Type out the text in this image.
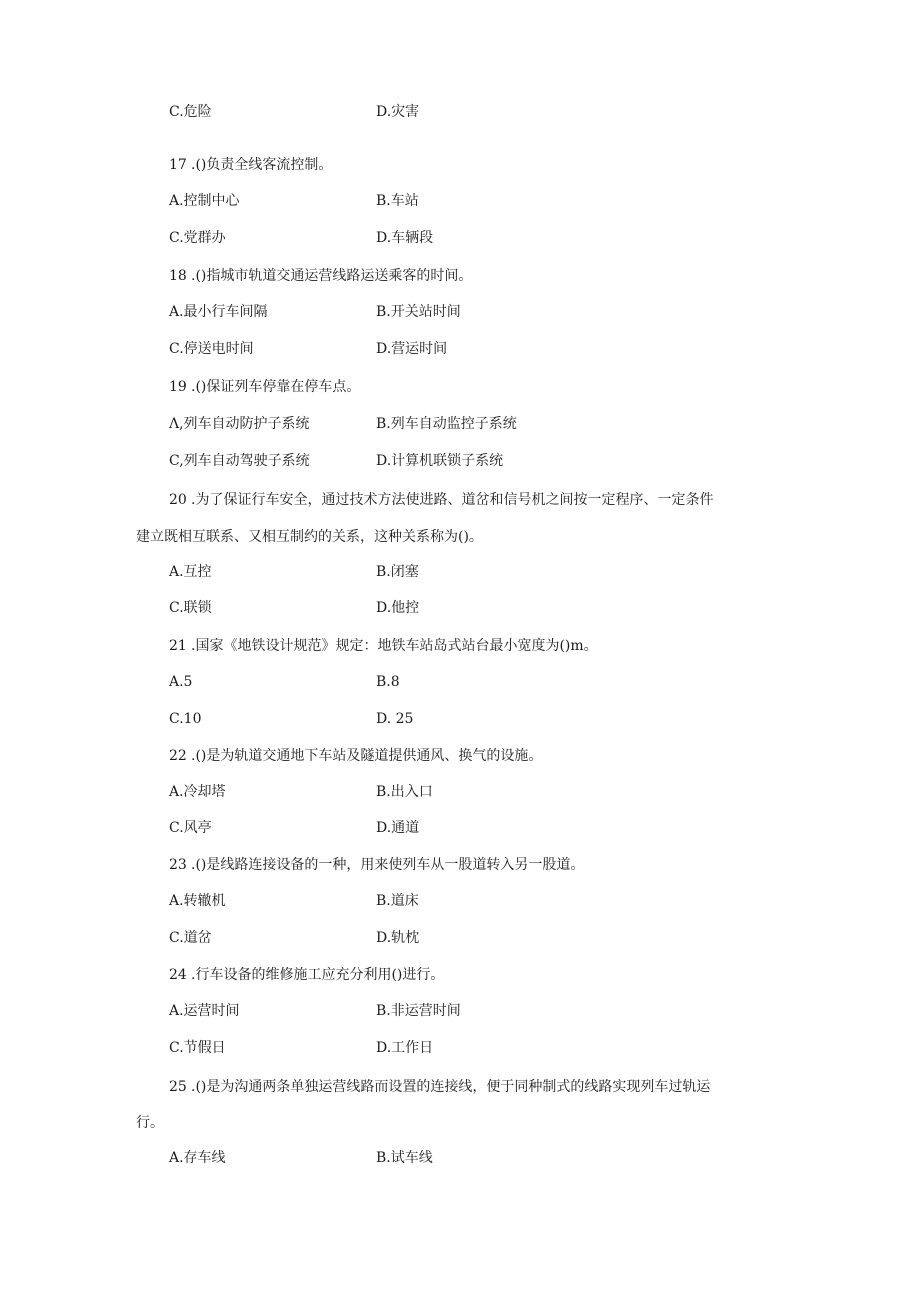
C.危险	D.灾害
17 .()负责全线客流控制。
A.控制中心	B.车站
C.党群办	D.车辆段
18 .()指城市轨道交通运营线路运送乘客的时间。
A.最小行车间隔	B.开关站时间
C.停送电时间	D.营运时间
19 .()保证列车停靠在停车点。
Λ,列车自动防护子系统	B.列车自动监控子系统
C,列车自动驾驶子系统	D.计算机联锁子系统
20 .为了保证行车安全，通过技术方法使进路、道岔和信号机之间按一定程序、一定条件
建立既相互联系、又相互制约的关系，这种关系称为()。
A.互控	B.闭塞
C.联锁	D.他控
21 .国家《地铁设计规范》规定：地铁车站岛式站台最小宽度为()m。
A.5	B.8
C.10	D. 25
22 .()是为轨道交通地下车站及隧道提供通风、换气的设施。
A.冷却塔	B.出入口
C.风亭	D.通道
23 .()是线路连接设备的一种，用来使列车从一股道转入另一股道。
A.转辙机	B.道床
C.道岔	D.轨枕
24 .行车设备的维修施工应充分利用()进行。
A.运营时间	B.非运营时间
C.节假日	D.工作日
25 .()是为沟通两条单独运营线路而设置的连接线，便于同种制式的线路实现列车过轨运
行。
A.存车线	B.试车线
